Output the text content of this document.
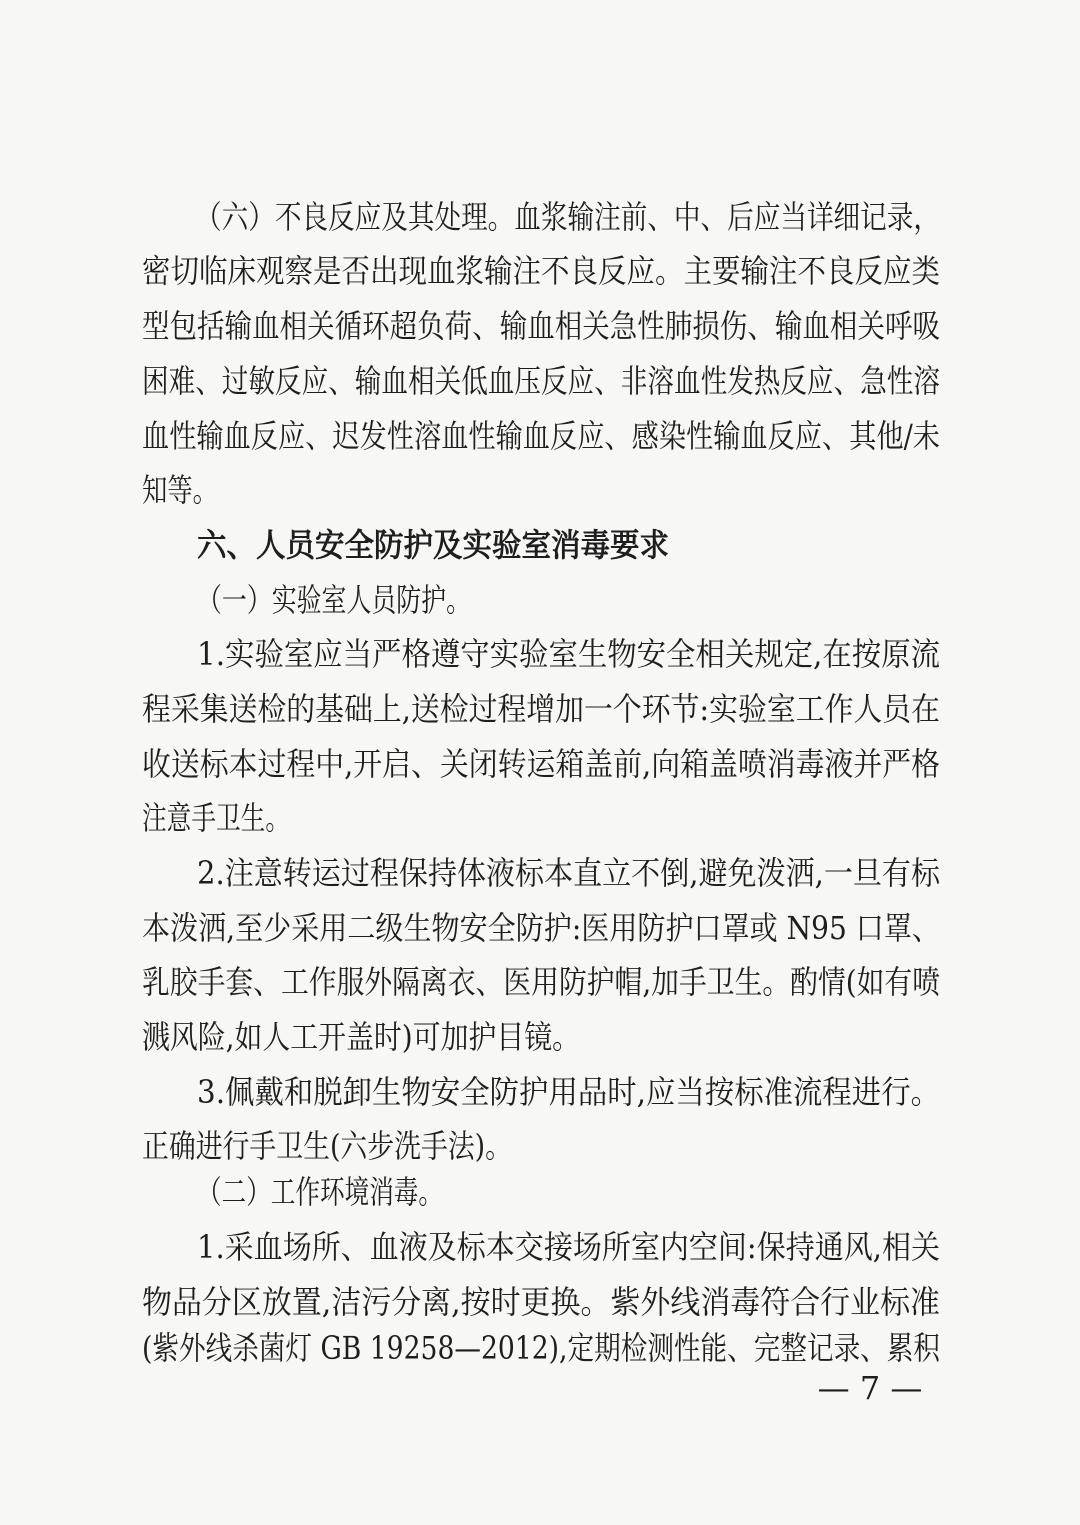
（六）不良反应及其处理。血浆输注前、中、后应当详细记录，
密切临床观察是否出现血浆输注不良反应。主要输注不良反应类
型包括输血相关循环超负荷、输血相关急性肺损伤、输血相关呼吸
困难、过敏反应、输血相关低血压反应、非溶血性发热反应、急性溶
血性输血反应、迟发性溶血性输血反应、感染性输血反应、其他/未
知等。
六、人员安全防护及实验室消毒要求
（一）实验室人员防护。
1.实验室应当严格遵守实验室生物安全相关规定,在按原流
程采集送检的基础上,送检过程增加一个环节:实验室工作人员在
收送标本过程中,开启、关闭转运箱盖前,向箱盖喷消毒液并严格
注意手卫生。
2.注意转运过程保持体液标本直立不倒,避免泼洒,一旦有标
本泼洒,至少采用二级生物安全防护:医用防护口罩或 N95 口罩、
乳胶手套、工作服外隔离衣、医用防护帽,加手卫生。酌情(如有喷
溅风险,如人工开盖时)可加护目镜。
3.佩戴和脱卸生物安全防护用品时,应当按标准流程进行。
正确进行手卫生(六步洗手法)。
（二）工作环境消毒。
1.采血场所、血液及标本交接场所室内空间:保持通风,相关
物品分区放置,洁污分离,按时更换。紫外线消毒符合行业标准
(紫外线杀菌灯 GB 19258—2012),定期检测性能、完整记录、累积
— 7 —
